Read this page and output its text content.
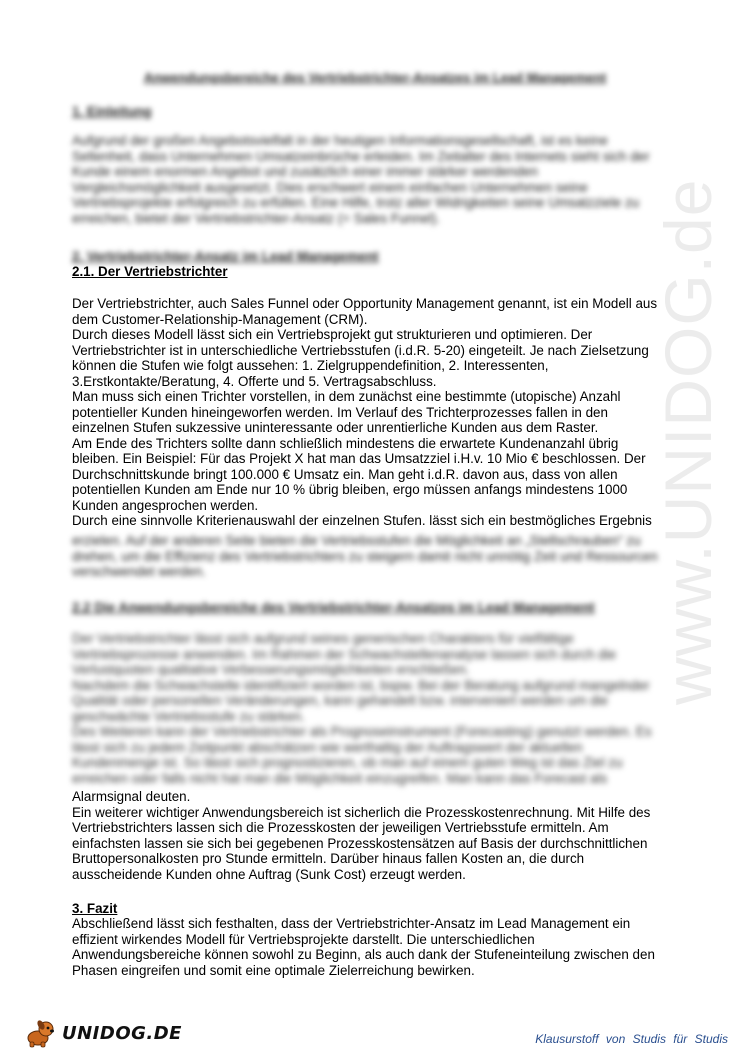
www.UNIDOG.de
Anwendungsbereiche des Vertriebstrichter-Ansatzes im Lead Management
1. Einleitung
Aufgrund der großen Angebotsvielfalt in der heutigen Informationsgesellschaft, ist es keine
Seltenheit, dass Unternehmen Umsatzeinbrüche erleiden. Im Zeitalter des Internets sieht sich der
Kunde einem enormen Angebot und zusätzlich einer immer stärker werdenden
Vergleichsmöglichkeit ausgesetzt. Dies erschwert einem einfachen Unternehmen seine
Vertriebsprojekte erfolgreich zu erfüllen. Eine Hilfe, trotz aller Widrigkeiten seine Umsatzziele zu
erreichen, bietet der Vertriebstrichter-Ansatz (= Sales Funnel).
2. Vertriebstrichter-Ansatz im Lead Management
2.1. Der Vertriebstrichter
Der Vertriebstrichter, auch Sales Funnel oder Opportunity Management genannt, ist ein Modell aus
dem Customer-Relationship-Management (CRM).
Durch dieses Modell lässt sich ein Vertriebsprojekt gut strukturieren und optimieren. Der
Vertriebstrichter ist in unterschiedliche Vertriebsstufen (i.d.R. 5-20) eingeteilt. Je nach Zielsetzung
können die Stufen wie folgt aussehen: 1. Zielgruppendefinition, 2. Interessenten,
3.Erstkontakte/Beratung, 4. Offerte und 5. Vertragsabschluss.
Man muss sich einen Trichter vorstellen, in dem zunächst eine bestimmte (utopische) Anzahl
potentieller Kunden hineingeworfen werden. Im Verlauf des Trichterprozesses fallen in den
einzelnen Stufen sukzessive uninteressante oder unrentierliche Kunden aus dem Raster.
Am Ende des Trichters sollte dann schließlich mindestens die erwartete Kundenanzahl übrig
bleiben. Ein Beispiel: Für das Projekt X hat man das Umsatzziel i.H.v. 10 Mio € beschlossen. Der
Durchschnittskunde bringt 100.000 € Umsatz ein. Man geht i.d.R. davon aus, dass von allen
potentiellen Kunden am Ende nur 10 % übrig bleiben, ergo müssen anfangs mindestens 1000
Kunden angesprochen werden.
Durch eine sinnvolle Kriterienauswahl der einzelnen Stufen. lässt sich ein bestmögliches Ergebnis
erzielen. Auf der anderen Seite bieten die Vertriebsstufen die Möglichkeit an „Stellschrauben“ zu
drehen, um die Effizienz des Vertriebstrichters zu steigern damit nicht unnötig Zeit und Ressourcen
verschwendet werden.
2.2 Die Anwendungsbereiche des Vertriebstrichter-Ansatzes im Lead Management
Der Vertriebstrichter lässt sich aufgrund seines generischen Charakters für vielfältige
Vertriebsprozesse anwenden. Im Rahmen der Schwachstellenanalyse lassen sich durch die
Verlustquoten qualitative Verbesserungsmöglichkeiten erschließen.
Nachdem die Schwachstelle identifiziert worden ist, bspw. Bei der Beratung aufgrund mangelnder
Qualität oder personellen Veränderungen, kann gehandelt bzw. interveniert werden um die
geschwächte Vertriebsstufe zu stärken.
Des Weiteren kann der Vertriebstrichter als Prognoseinstrument (Forecasting) genutzt werden. Es
lässt sich zu jedem Zeitpunkt abschätzen wie werthaltig der Auftragswert der aktuellen
Kundenmenge ist. So lässt sich prognostizieren, ob man auf einem guten Weg ist das Ziel zu
erreichen oder falls nicht hat man die Möglichkeit einzugreifen. Man kann das Forecast als
Alarmsignal deuten.
Ein weiterer wichtiger Anwendungsbereich ist sicherlich die Prozesskostenrechnung. Mit Hilfe des
Vertriebstrichters lassen sich die Prozesskosten der jeweiligen Vertriebsstufe ermitteln. Am
einfachsten lassen sie sich bei gegebenen Prozesskostensätzen auf Basis der durchschnittlichen
Bruttopersonalkosten pro Stunde ermitteln. Darüber hinaus fallen Kosten an, die durch
ausscheidende Kunden ohne Auftrag (Sunk Cost) erzeugt werden.
3. Fazit
Abschließend lässt sich festhalten, dass der Vertriebstrichter-Ansatz im Lead Management ein
effizient wirkendes Modell für Vertriebsprojekte darstellt. Die unterschiedlichen
Anwendungsbereiche können sowohl zu Beginn, als auch dank der Stufeneinteilung zwischen den
Phasen eingreifen und somit eine optimale Zielerreichung bewirken.
UNIDOG.DE	Klausurstoff von Studis für Studis
